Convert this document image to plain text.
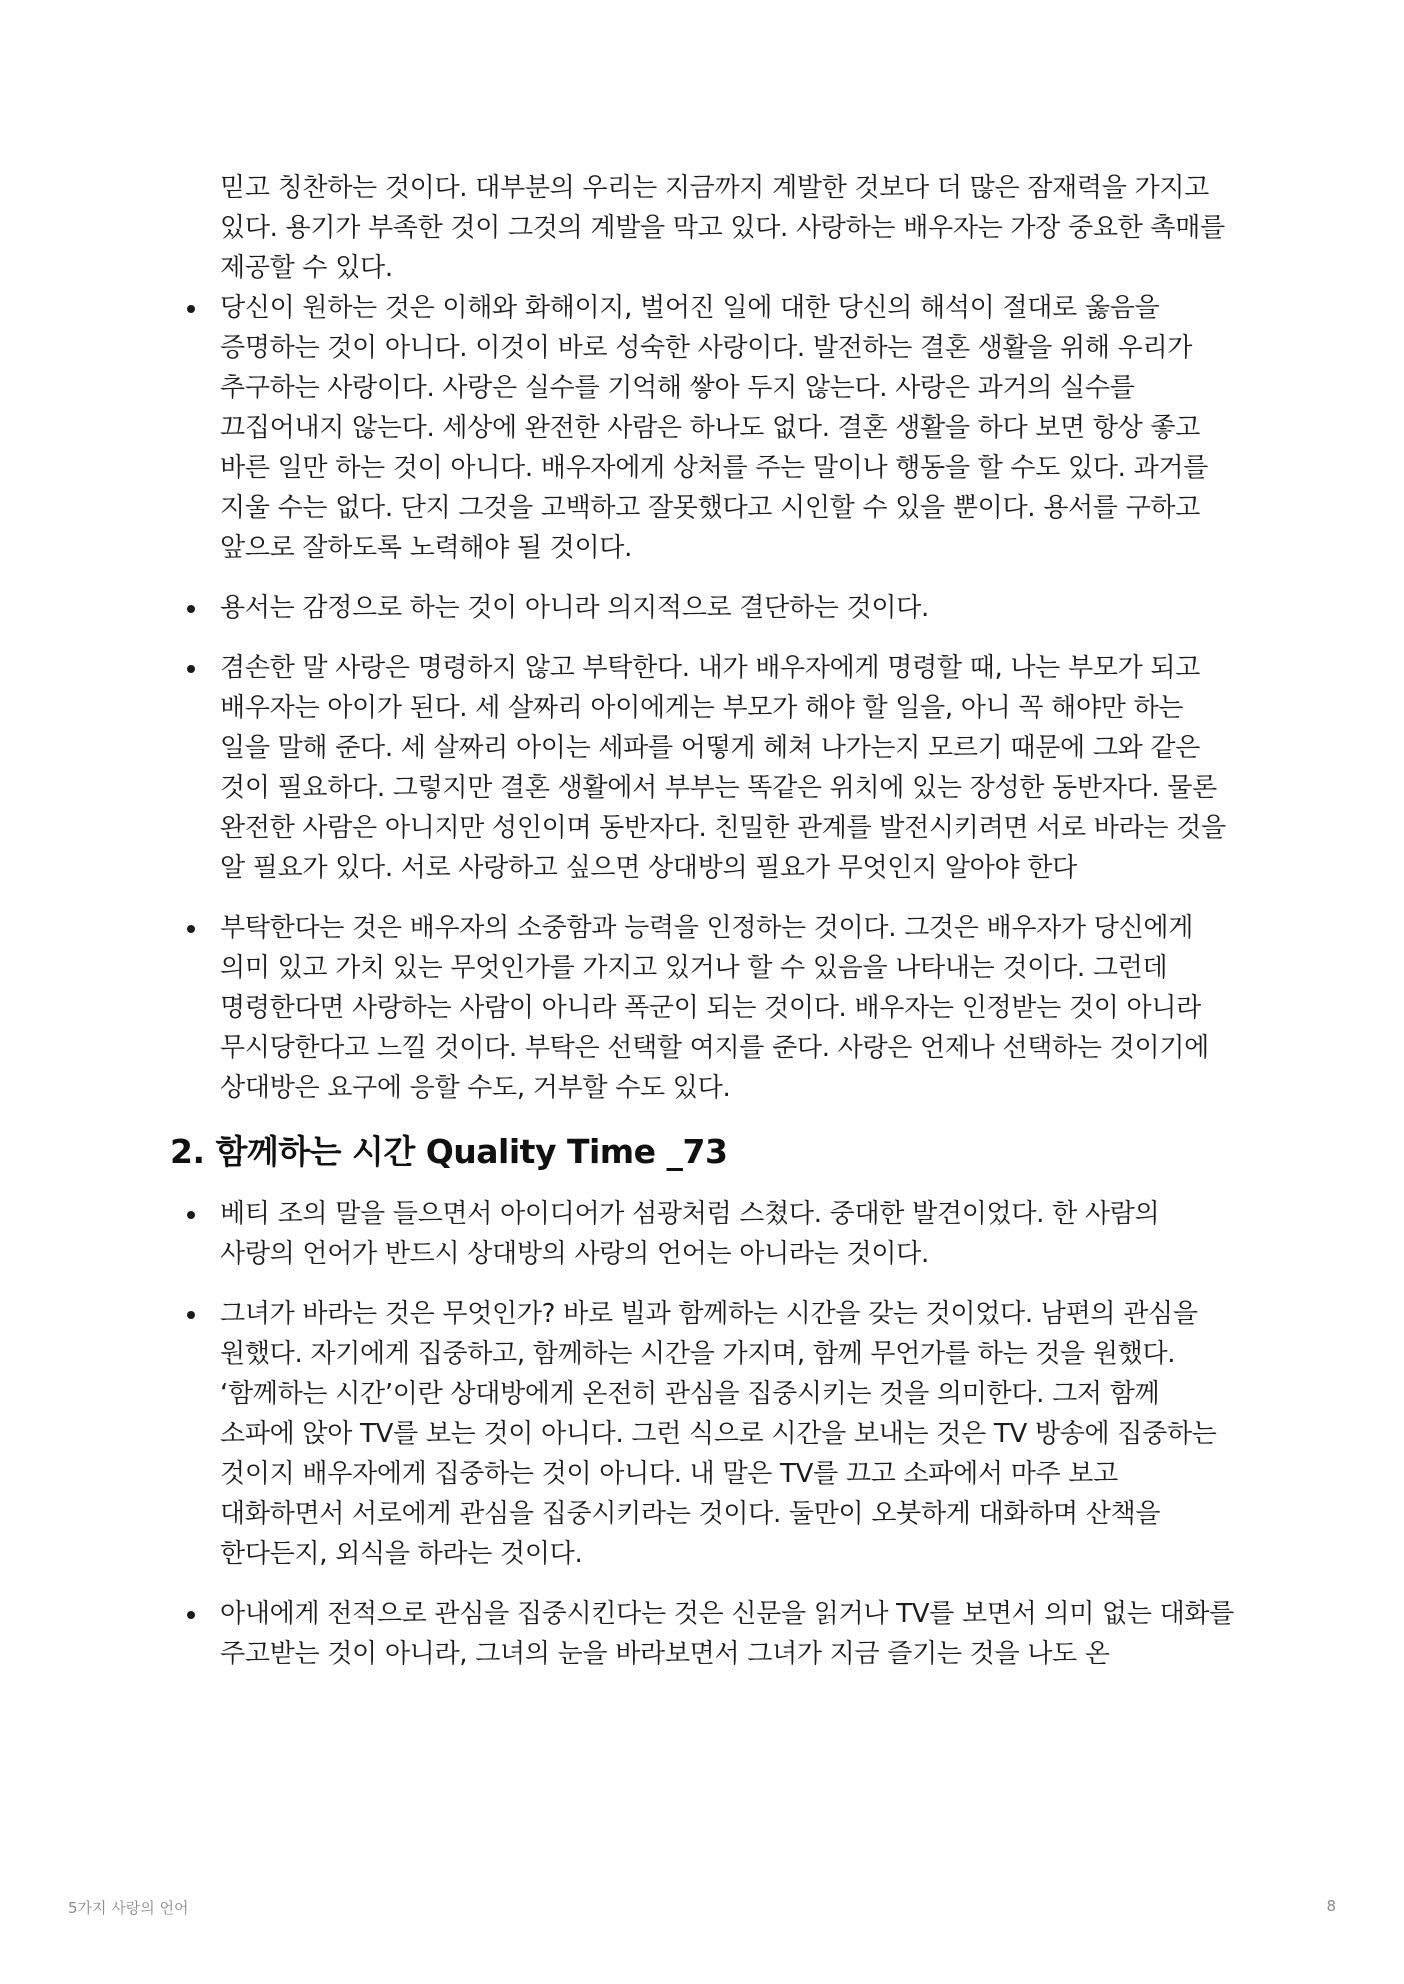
믿고 칭찬하는 것이다. 대부분의 우리는 지금까지 계발한 것보다 더 많은 잠재력을 가지고 있다. 용기가 부족한 것이 그것의 계발을 막고 있다. 사랑하는 배우자는 가장 중요한 촉매를 제공할 수 있다.

당신이 원하는 것은 이해와 화해이지, 벌어진 일에 대한 당신의 해석이 절대로 옳음을 증명하는 것이 아니다. 이것이 바로 성숙한 사랑이다. 발전하는 결혼 생활을 위해 우리가 추구하는 사랑이다. 사랑은 실수를 기억해 쌓아 두지 않는다. 사랑은 과거의 실수를 끄집어내지 않는다. 세상에 완전한 사람은 하나도 없다. 결혼 생활을 하다 보면 항상 좋고 바른 일만 하는 것이 아니다. 배우자에게 상처를 주는 말이나 행동을 할 수도 있다. 과거를 지울 수는 없다. 단지 그것을 고백하고 잘못했다고 시인할 수 있을 뿐이다. 용서를 구하고 앞으로 잘하도록 노력해야 될 것이다.
용서는 감정으로 하는 것이 아니라 의지적으로 결단하는 것이다.
겸손한 말 사랑은 명령하지 않고 부탁한다. 내가 배우자에게 명령할 때, 나는 부모가 되고 배우자는 아이가 된다. 세 살짜리 아이에게는 부모가 해야 할 일을, 아니 꼭 해야만 하는 일을 말해 준다. 세 살짜리 아이는 세파를 어떻게 헤쳐 나가는지 모르기 때문에 그와 같은 것이 필요하다. 그렇지만 결혼 생활에서 부부는 똑같은 위치에 있는 장성한 동반자다. 물론 완전한 사람은 아니지만 성인이며 동반자다. 친밀한 관계를 발전시키려면 서로 바라는 것을 알 필요가 있다. 서로 사랑하고 싶으면 상대방의 필요가 무엇인지 알아야 한다
부탁한다는 것은 배우자의 소중함과 능력을 인정하는 것이다. 그것은 배우자가 당신에게 의미 있고 가치 있는 무엇인가를 가지고 있거나 할 수 있음을 나타내는 것이다. 그런데 명령한다면 사랑하는 사람이 아니라 폭군이 되는 것이다. 배우자는 인정받는 것이 아니라 무시당한다고 느낄 것이다. 부탁은 선택할 여지를 준다. 사랑은 언제나 선택하는 것이기에 상대방은 요구에 응할 수도, 거부할 수도 있다.
2. 함께하는 시간 Quality Time _73
베티 조의 말을 들으면서 아이디어가 섬광처럼 스쳤다. 중대한 발견이었다. 한 사람의 사랑의 언어가 반드시 상대방의 사랑의 언어는 아니라는 것이다.
그녀가 바라는 것은 무엇인가? 바로 빌과 함께하는 시간을 갖는 것이었다. 남편의 관심을 원했다. 자기에게 집중하고, 함께하는 시간을 가지며, 함께 무언가를 하는 것을 원했다. ‘함께하는 시간’이란 상대방에게 온전히 관심을 집중시키는 것을 의미한다. 그저 함께 소파에 앉아 TV를 보는 것이 아니다. 그런 식으로 시간을 보내는 것은 TV 방송에 집중하는 것이지 배우자에게 집중하는 것이 아니다. 내 말은 TV를 끄고 소파에서 마주 보고 대화하면서 서로에게 관심을 집중시키라는 것이다. 둘만이 오붓하게 대화하며 산책을 한다든지, 외식을 하라는 것이다.
아내에게 전적으로 관심을 집중시킨다는 것은 신문을 읽거나 TV를 보면서 의미 없는 대화를 주고받는 것이 아니라, 그녀의 눈을 바라보면서 그녀가 지금 즐기는 것을 나도 온
5가지 사랑의 언어	8
